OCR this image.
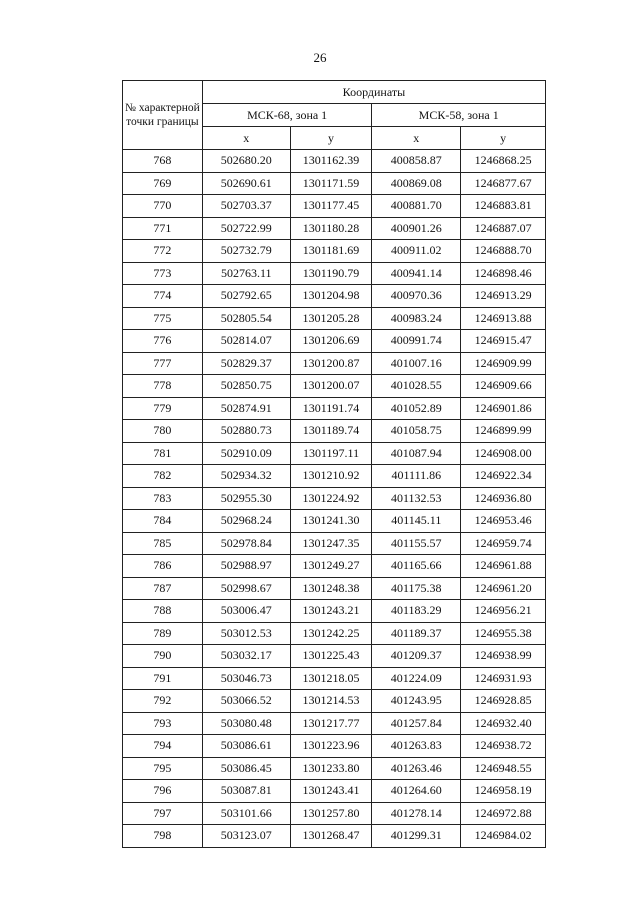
26
№ характерной точки границы	Координаты			
	МСК-68, зона 1		МСК-58, зона 1	
	x	y	x	y
768	502680.20	1301162.39	400858.87	1246868.25
769	502690.61	1301171.59	400869.08	1246877.67
770	502703.37	1301177.45	400881.70	1246883.81
771	502722.99	1301180.28	400901.26	1246887.07
772	502732.79	1301181.69	400911.02	1246888.70
773	502763.11	1301190.79	400941.14	1246898.46
774	502792.65	1301204.98	400970.36	1246913.29
775	502805.54	1301205.28	400983.24	1246913.88
776	502814.07	1301206.69	400991.74	1246915.47
777	502829.37	1301200.87	401007.16	1246909.99
778	502850.75	1301200.07	401028.55	1246909.66
779	502874.91	1301191.74	401052.89	1246901.86
780	502880.73	1301189.74	401058.75	1246899.99
781	502910.09	1301197.11	401087.94	1246908.00
782	502934.32	1301210.92	401111.86	1246922.34
783	502955.30	1301224.92	401132.53	1246936.80
784	502968.24	1301241.30	401145.11	1246953.46
785	502978.84	1301247.35	401155.57	1246959.74
786	502988.97	1301249.27	401165.66	1246961.88
787	502998.67	1301248.38	401175.38	1246961.20
788	503006.47	1301243.21	401183.29	1246956.21
789	503012.53	1301242.25	401189.37	1246955.38
790	503032.17	1301225.43	401209.37	1246938.99
791	503046.73	1301218.05	401224.09	1246931.93
792	503066.52	1301214.53	401243.95	1246928.85
793	503080.48	1301217.77	401257.84	1246932.40
794	503086.61	1301223.96	401263.83	1246938.72
795	503086.45	1301233.80	401263.46	1246948.55
796	503087.81	1301243.41	401264.60	1246958.19
797	503101.66	1301257.80	401278.14	1246972.88
798	503123.07	1301268.47	401299.31	1246984.02
